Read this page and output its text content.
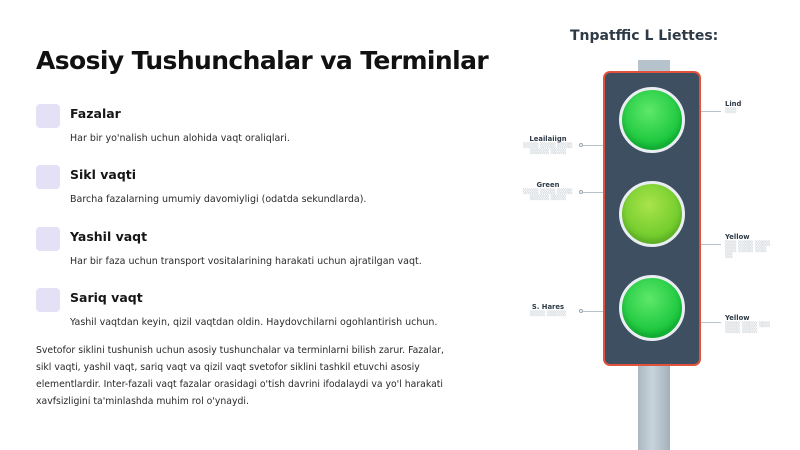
Asosiy Tushunchalar va Terminlar
Fazalar
Har bir yo'nalish uchun alohida vaqt oraliqlari.
Sikl vaqti
Barcha fazalarning umumiy davomiyligi (odatda sekundlarda).
Yashil vaqt
Har bir faza uchun transport vositalarining harakati uchun ajratilgan vaqt.
Sariq vaqt
Yashil vaqtdan keyin, qizil vaqtdan oldin. Haydovchilarni ogohlantirish uchun.

Svetofor siklini tushunish uchun asosiy tushunchalar va terminlarni bilish zarur. Fazalar, sikl vaqti, yashil vaqt, sariq vaqt va qizil vaqt svetofor siklini tashkil etuvchi asosiy elementlardir. Inter-fazali vaqt fazalar orasidagi o'tish davrini ifodalaydi va yo'l harakati xavfsizligini ta'minlashda muhim rol o'ynaydi.

Tnpatffic L Liettes:
Leailaiign
░░░░ ░░░░ ░░░░
░░░░░ ░░░░
Green
░░░░ ░░░░ ░░░░
░░░░░ ░░░░
S. Hares
░░░░ ░░░░░
Lind
░░░
Yellow
░░░ ░░░░ ░░░░
░░░ ░░░░ ░░░
░░
Yellow
░░░░ ░░░░ ░░░
░░░░ ░░░░
